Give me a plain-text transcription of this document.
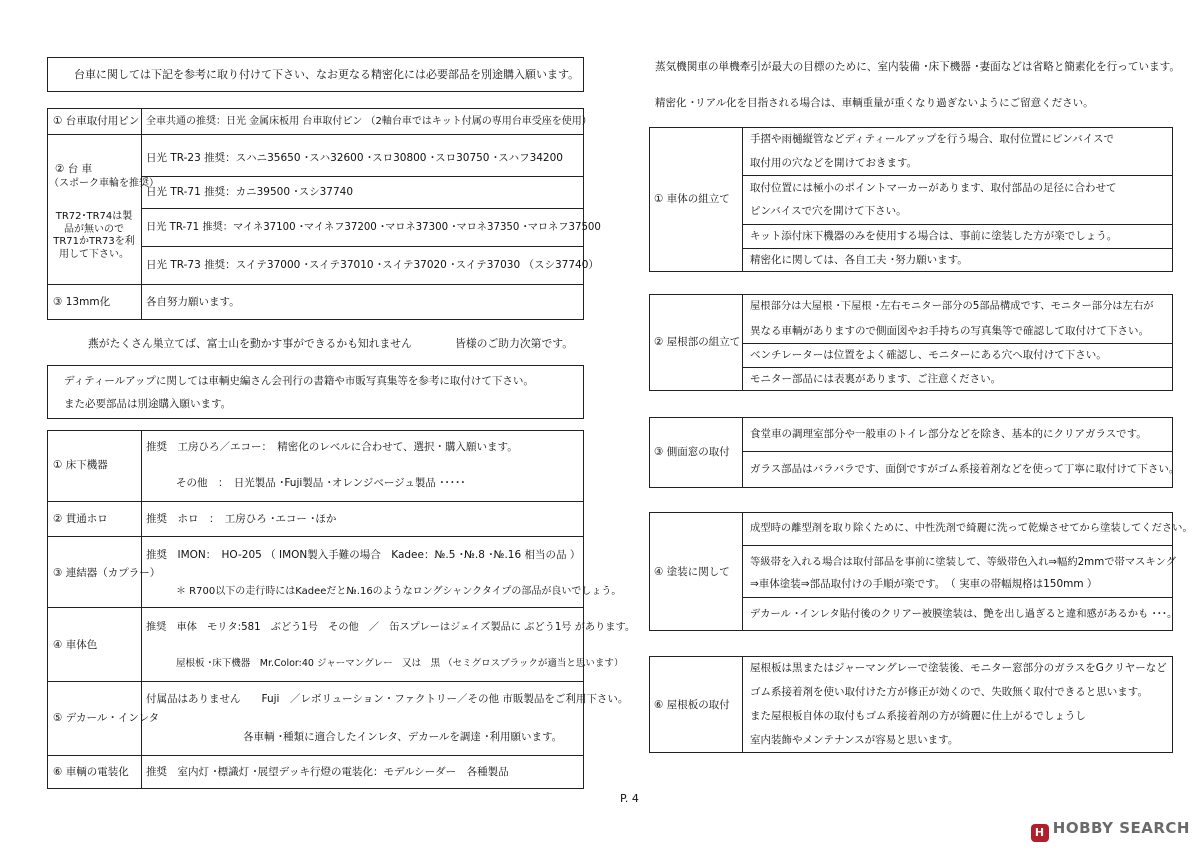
台車に関しては下記を参考に取り付けて下さい、なお更なる精密化には必要部品を別途購入願います。
① 台車取付用ピン 全車共通の推奨：日光 金属床板用 台車取付ピン （2軸台車ではキット付属の専用台車受座を使用）
② 台 車
（スポーク車輪を推奨）
TR72･TR74は製品が無いのでTR71かTR73を利用して下さい。
日光 TR-23 推奨：スハニ35650 ･スハ32600 ･スロ30800 ･スロ30750 ･スハフ34200
日光 TR-71 推奨：カニ39500 ･スシ37740
日光 TR-71 推奨：マイネ37100 ･マイネフ37200 ･マロネ37300 ･マロネ37350 ･マロネフ37500
日光 TR-73 推奨：スイテ37000 ･スイテ37010 ･スイテ37020 ･スイテ37030 （スシ37740）
③ 13mm化	各自努力願います。
燕がたくさん巣立てば、富士山を動かす事ができるかも知れません　　　　皆様のご助力次第です。
ディティールアップに関しては車輌史編さん会刊行の書籍や市販写真集等を参考に取付けて下さい。
また必要部品は別途購入願います。
① 床下機器
推奨　工房ひろ／エコー：　精密化のレベルに合わせて、選択・購入願います。
その他　：　日光製品 ･Fuji製品 ･オレンジベージュ製品 ･････
② 貫通ホロ	推奨　ホロ　：　工房ひろ ･エコー ･ほか
③ 連結器（カプラー）
推奨　IMON：　HO-205 （ IMON製入手難の場合　Kadee：№.5 ･№.8 ･№.16 相当の品 ）
＊ R700以下の走行時にはKadeeだと№.16のようなロングシャンクタイプの部品が良いでしょう。
④ 車体色
推奨　車体　モリタ:581　ぶどう1号　その他　／　缶スプレーはジェイズ製品に ぶどう1号 があります。
屋根板 ･床下機器　Mr.Color:40 ジャーマングレー　又は　黒 （セミグロスブラックが適当と思います）
⑤ デカール・インレタ
付属品はありません　　Fuji　／レボリューション・ファクトリー／その他 市販製品をご利用下さい。
各車輌 ･種類に適合したインレタ、デカールを調達 ･利用願います。
⑥ 車輌の電装化 推奨　室内灯 ･標識灯 ･展望デッキ行燈の電装化：モデルシーダー　各種製品
蒸気機関車の単機牽引が最大の目標のために、室内装備 ･床下機器 ･妻面などは省略と簡素化を行っています。
精密化 ･リアル化を目指される場合は、車輌重量が重くなり過ぎないようにご留意ください。
① 車体の組立て
手摺や雨樋縦管などディティールアップを行う場合、取付位置にピンバイスで
取付用の穴などを開けておきます。
取付位置には極小のポイントマーカーがあります、取付部品の足径に合わせて
ピンバイスで穴を開けて下さい。
キット添付床下機器のみを使用する場合は、事前に塗装した方が楽でしょう。
精密化に関しては、各自工夫 ･努力願います。
② 屋根部の組立て
屋根部分は大屋根 ･下屋根 ･左右モニター部分の5部品構成です、モニター部分は左右が
異なる車輌がありますので側面図やお手持ちの写真集等で確認して取付けて下さい。
ベンチレーターは位置をよく確認し、モニターにある穴へ取付けて下さい。
モニター部品には表裏があります、ご注意ください。
③ 側面窓の取付
食堂車の調理室部分や一般車のトイレ部分などを除き、基本的にクリアガラスです。
ガラス部品はバラバラです、面倒ですがゴム系接着剤などを使って丁寧に取付けて下さい。
④ 塗装に関して
成型時の離型剤を取り除くために、中性洗剤で綺麗に洗って乾燥させてから塗装してください。
等級帯を入れる場合は取付部品を事前に塗装して、等級帯色入れ⇒幅約2mmで帯マスキング
⇒車体塗装⇒部品取付けの手順が楽です。　（ 実車の帯幅規格は150mm ）
デカール ･インレタ貼付後のクリアー被膜塗装は、艶を出し過ぎると違和感があるかも ･･･。
⑥ 屋根板の取付
屋根板は黒またはジャーマングレーで塗装後、モニター窓部分のガラスをGクリヤーなど
ゴム系接着剤を使い取付けた方が修正が効くので、失敗無く取付できると思います。
また屋根板自体の取付もゴム系接着剤の方が綺麗に仕上がるでしょうし
室内装飾やメンテナンスが容易と思います。
P. 4
H HOBBY SEARCH
